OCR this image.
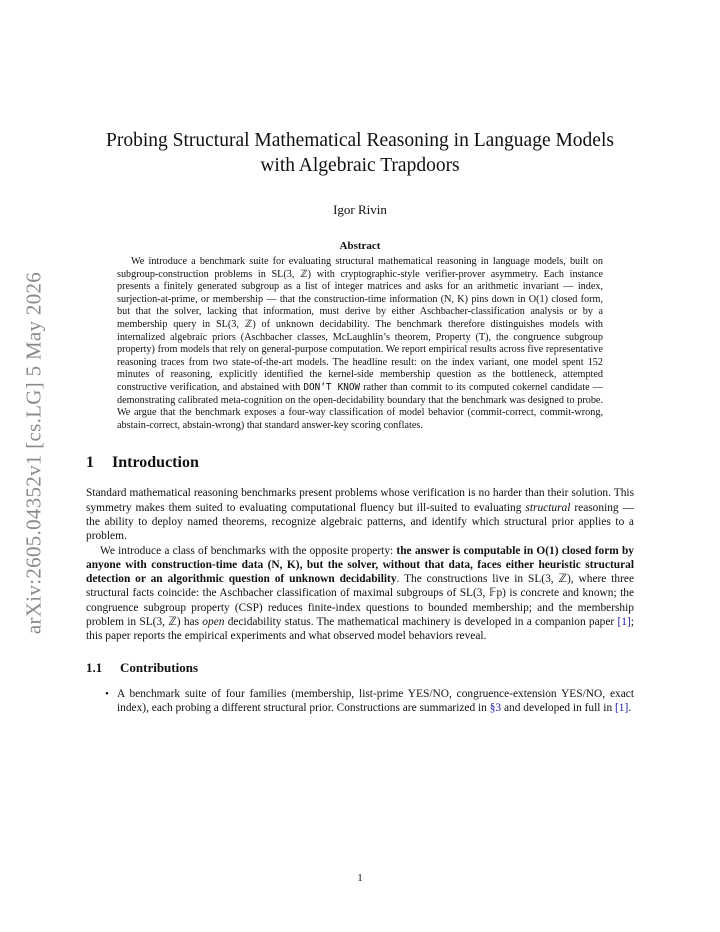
arXiv:2605.04352v1 [cs.LG] 5 May 2026
Probing Structural Mathematical Reasoning in Language Models
with Algebraic Trapdoors
Igor Rivin
Abstract

We introduce a benchmark suite for evaluating structural mathematical reasoning in language models, built on subgroup-construction problems in SL(3, ℤ) with cryptographic-style verifier-prover asymmetry. Each instance presents a finitely generated subgroup as a list of integer matrices and asks for an arithmetic invariant — index, surjection-at-prime, or membership — that the construction-time information (N, K) pins down in O(1) closed form, but that the solver, lacking that information, must derive by either Aschbacher-classification analysis or by a membership query in SL(3, ℤ) of unknown decidability. The benchmark therefore distinguishes models with internalized algebraic priors (Aschbacher classes, McLaughlin’s theorem, Property (T), the congruence subgroup property) from models that rely on general-purpose computation. We report empirical results across five representative reasoning traces from two state-of-the-art models. The headline result: on the index variant, one model spent 152 minutes of reasoning, explicitly identified the kernel-side membership question as the bottleneck, attempted constructive verification, and abstained with DON’T KNOW rather than commit to its computed cokernel candidate — demonstrating calibrated meta-cognition on the open-decidability boundary that the benchmark was designed to probe. We argue that the benchmark exposes a four-way classification of model behavior (commit-correct, commit-wrong, abstain-correct, abstain-wrong) that standard answer-key scoring conflates.

1 Introduction

Standard mathematical reasoning benchmarks present problems whose verification is no harder than their solution. This symmetry makes them suited to evaluating computational fluency but ill-suited to evaluating structural reasoning — the ability to deploy named theorems, recognize algebraic patterns, and identify which structural prior applies to a problem.

We introduce a class of benchmarks with the opposite property: the answer is computable in O(1) closed form by anyone with construction-time data (N, K), but the solver, without that data, faces either heuristic structural detection or an algorithmic question of unknown decidability. The constructions live in SL(3, ℤ), where three structural facts coincide: the Aschbacher classification of maximal subgroups of SL(3, 𝔽p) is concrete and known; the congruence subgroup property (CSP) reduces finite-index questions to bounded membership; and the membership problem in SL(3, ℤ) has open decidability status. The mathematical machinery is developed in a companion paper [1]; this paper reports the empirical experiments and what observed model behaviors reveal.

1.1 Contributions
• A benchmark suite of four families (membership, list-prime YES/NO, congruence-extension YES/NO, exact index), each probing a different structural prior. Constructions are summarized in §3 and developed in full in [1].
1
